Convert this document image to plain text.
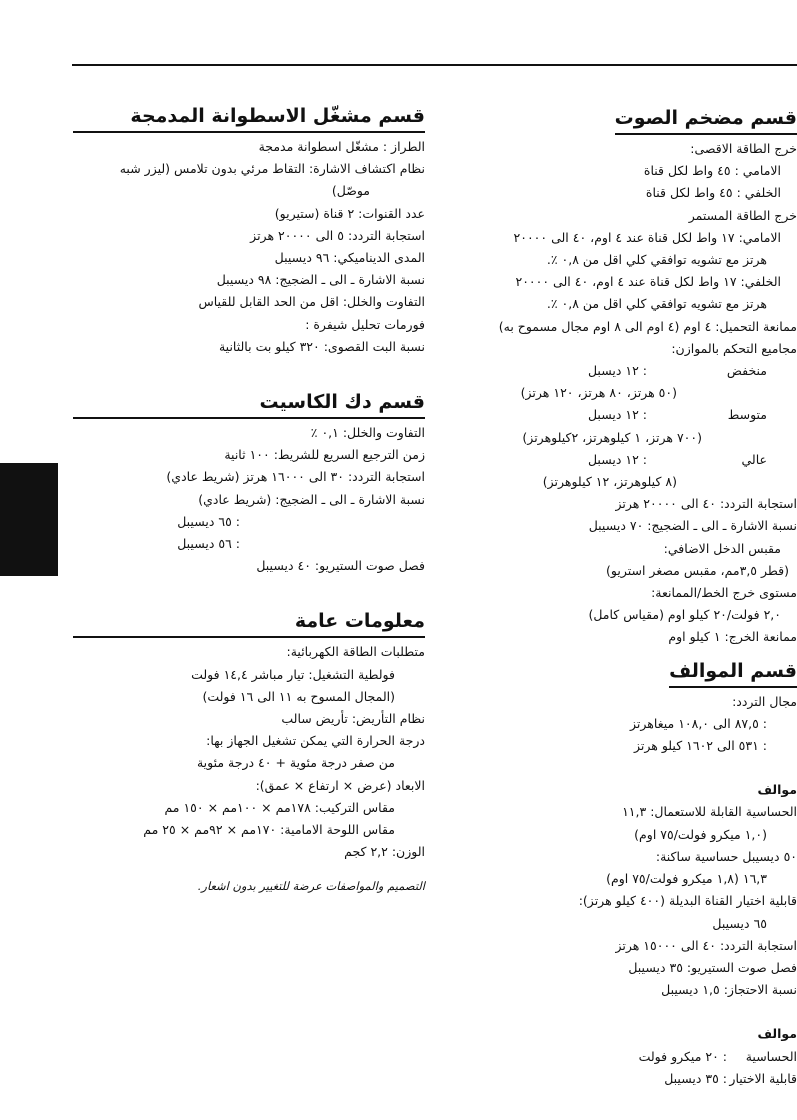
قسم مضخم الصوت
خرج الطاقة الاقصى:
الامامي : ٤٥ واط لكل قناة
الخلفي : ٤٥ واط لكل قناة
خرج الطاقة المستمر
الامامي: ١٧ واط لكل قناة عند ٤ اوم، ٤٠ الى ٢٠٠٠٠
هرتز مع تشويه توافقي كلي اقل من ٠,٨ ٪.
الخلفي: ١٧ واط لكل قناة عند ٤ اوم، ٤٠ الى ٢٠٠٠٠
هرتز مع تشويه توافقي كلي اقل من ٠,٨ ٪.
ممانعة التحميل: ٤ اوم (٤ اوم الى ٨ اوم مجال مسموح به)
مجاميع التحكم بالموازن:
منخفض
: ١٢ ديسبل
(٥٠ هرتز، ٨٠ هرتز، ١٢٠ هرتز)
متوسط
: ١٢ ديسبل
(٧٠٠ هرتز، ١ كيلوهرتز، ٢كيلوهرتز)
عالي
: ١٢ ديسبل
(٨ كيلوهرتز، ١٢ كيلوهرتز)
استجابة التردد: ٤٠ الى ٢٠٠٠٠ هرتز
نسبة الاشارة ـ الى ـ الضجيج: ٧٠ ديسيبل
مقبس الدخل الاضافي:
(قطر ٣,٥مم، مقبس مصغر استريو)
مستوى خرج الخط/الممانعة:
٢,٠ فولت/٢٠ كيلو اوم (مقياس كامل)
ممانعة الخرج: ١ كيلو اوم
قسم الموالف
مجال التردد:
: ٨٧,٥ الى ١٠٨,٠ ميغاهرتز
: ٥٣١ الى ١٦٠٢ كيلو هرتز
موالف
الحساسية القابلة للاستعمال: ١١,٣
(١,٠ ميكرو فولت/٧٥ اوم)
٥٠ ديسيبل حساسية ساكنة:
١٦,٣ (١,٨ ميكرو فولت/٧٥ اوم)
قابلية اختيار القناة البديلة (٤٠٠ كيلو هرتز):
٦٥ ديسيبل
استجابة التردد: ٤٠ الى ١٥٠٠٠ هرتز
فصل صوت الستيريو: ٣٥ ديسيبل
نسبة الاحتجاز: ١,٥ ديسيبل
موالف
الحساسية
: ٢٠ ميكرو فولت
قابلية الاختيار
: ٣٥ ديسيبل
قسم مشغّل الاسطوانة المدمجة
الطراز : مشغّل اسطوانة مدمجة
نظام اكتشاف الاشارة: التقاط مرئي بدون تلامس (ليزر شبه
موصّل)
عدد القنوات: ٢ قناة (ستيريو)
استجابة التردد: ٥ الى ٢٠٠٠٠ هرتز
المدى الديناميكي: ٩٦ ديسيبل
نسبة الاشارة ـ الى ـ الضجيج: ٩٨ ديسيبل
التفاوت والخلل: اقل من الحد القابل للقياس
فورمات تحليل شيفرة :
نسبة البت القصوى: ٣٢٠ كيلو بت بالثانية
قسم دك الكاسيت
التفاوت والخلل: ٠,١ ٪
زمن الترجيع السريع للشريط: ١٠٠ ثانية
استجابة التردد: ٣٠ الى ١٦٠٠٠ هرتز (شريط عادي)
نسبة الاشارة ـ الى ـ الضجيج: (شريط عادي)
: ٦٥ ديسيبل
: ٥٦ ديسيبل
فصل صوت الستيريو: ٤٠ ديسيبل
معلومات عامة
متطلبات الطاقة الكهربائية:
فولطية التشغيل: تيار مباشر ١٤,٤ فولت
(المجال المسوح به ١١ الى ١٦ فولت)
نظام التأريض: تأريض سالب
درجة الحرارة التي يمكن تشغيل الجهاز بها:
من صفر درجة مئوية + ٤٠ درجة مئوية
الابعاد (عرض × ارتفاع × عمق):
مقاس التركيب: ١٧٨مم × ١٠٠مم × ١٥٠ مم
مقاس اللوحة الامامية: ١٧٠مم × ٩٢مم × ٢٥ مم
الوزن: ٢,٢ كجم
التصميم والمواصفات عرضة للتغيير بدون اشعار.
